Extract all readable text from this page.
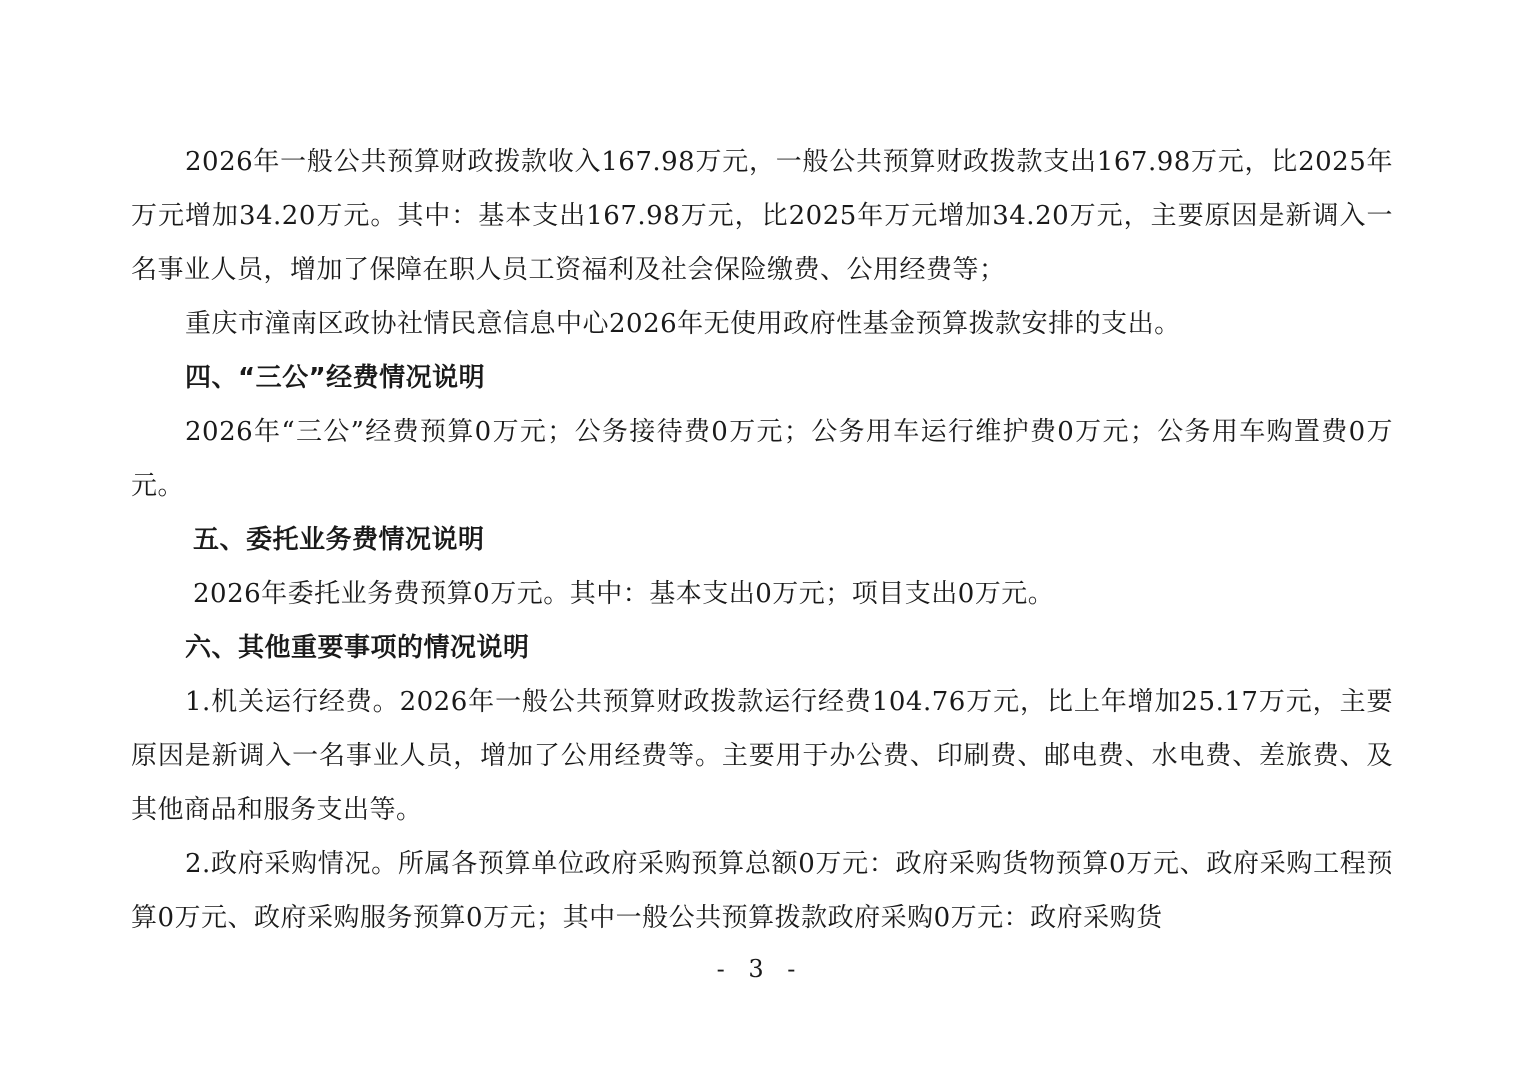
2026年一般公共预算财政拨款收入167.98万元，一般公共预算财政拨款支出167.98万元，比2025年万元增加34.20万元。其中：基本支出167.98万元，比2025年万元增加34.20万元，主要原因是新调入一名事业人员，增加了保障在职人员工资福利及社会保险缴费、公用经费等；

重庆市潼南区政协社情民意信息中心2026年无使用政府性基金预算拨款安排的支出。

四、“三公”经费情况说明

2026年“三公”经费预算0万元；公务接待费0万元；公务用车运行维护费0万元；公务用车购置费0万元。

五、委托业务费情况说明

2026年委托业务费预算0万元。其中：基本支出0万元；项目支出0万元。

六、其他重要事项的情况说明

1.机关运行经费。2026年一般公共预算财政拨款运行经费104.76万元，比上年增加25.17万元，主要原因是新调入一名事业人员，增加了公用经费等。主要用于办公费、印刷费、邮电费、水电费、差旅费、及其他商品和服务支出等。

2.政府采购情况。所属各预算单位政府采购预算总额0万元：政府采购货物预算0万元、政府采购工程预算0万元、政府采购服务预算0万元；其中一般公共预算拨款政府采购0万元：政府采购货

- 3 -
